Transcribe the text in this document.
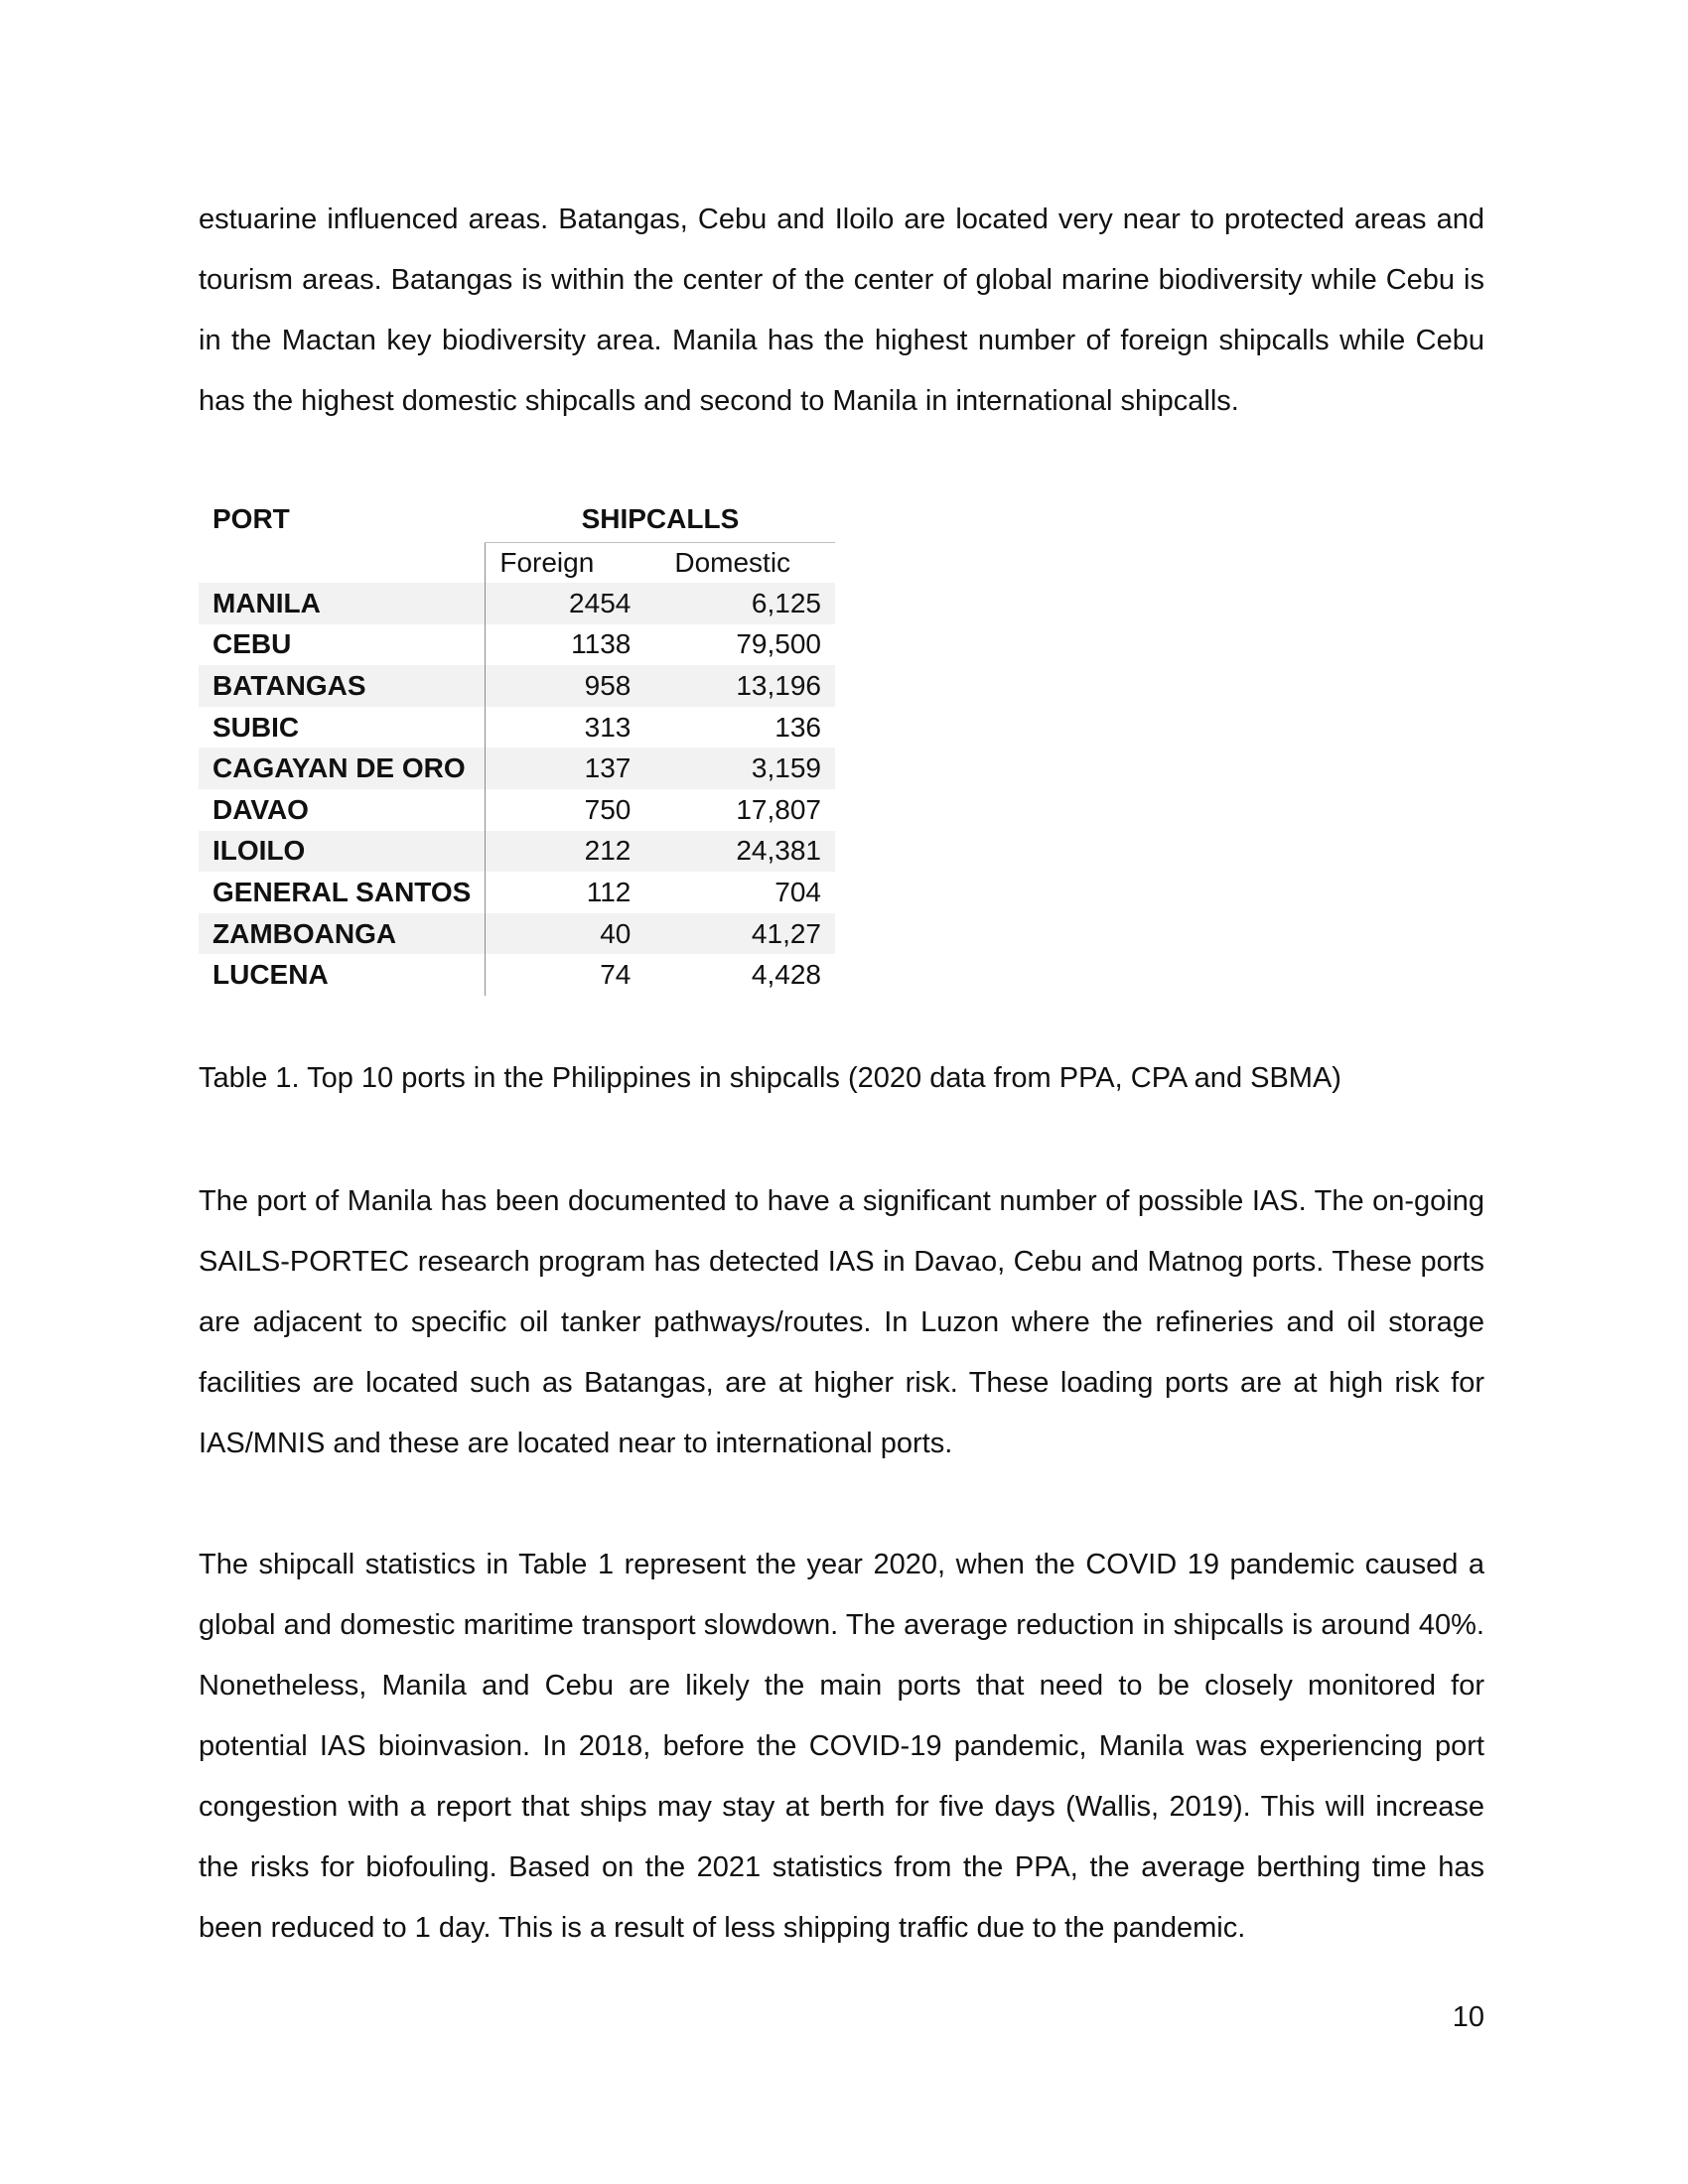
estuarine influenced areas. Batangas, Cebu and Iloilo are located very near to protected areas and tourism areas. Batangas is within the center of the center of global marine biodiversity while Cebu is in the Mactan key biodiversity area. Manila has the highest number of foreign shipcalls while Cebu has the highest domestic shipcalls and second to Manila in international shipcalls.

PORT	SHIPCALLS	
	Foreign	Domestic
MANILA	2454	6,125
CEBU	1138	79,500
BATANGAS	958	13,196
SUBIC	313	136
CAGAYAN DE ORO	137	3,159
DAVAO	750	17,807
ILOILO	212	24,381
GENERAL SANTOS	112	704
ZAMBOANGA	40	41,27
LUCENA	74	4,428

Table 1. Top 10 ports in the Philippines in shipcalls (2020 data from PPA, CPA and SBMA)

The port of Manila has been documented to have a significant number of possible IAS. The on-going SAILS-PORTEC research program has detected IAS in Davao, Cebu and Matnog ports. These ports are adjacent to specific oil tanker pathways/routes. In Luzon where the refineries and oil storage facilities are located such as Batangas, are at higher risk. These loading ports are at high risk for IAS/MNIS and these are located near to international ports.

The shipcall statistics in Table 1 represent the year 2020, when the COVID 19 pandemic caused a global and domestic maritime transport slowdown. The average reduction in shipcalls is around 40%. Nonetheless, Manila and Cebu are likely the main ports that need to be closely monitored for potential IAS bioinvasion. In 2018, before the COVID-19 pandemic, Manila was experiencing port congestion with a report that ships may stay at berth for five days (Wallis, 2019). This will increase the risks for biofouling. Based on the 2021 statistics from the PPA, the average berthing time has been reduced to 1 day. This is a result of less shipping traffic due to the pandemic.

10
